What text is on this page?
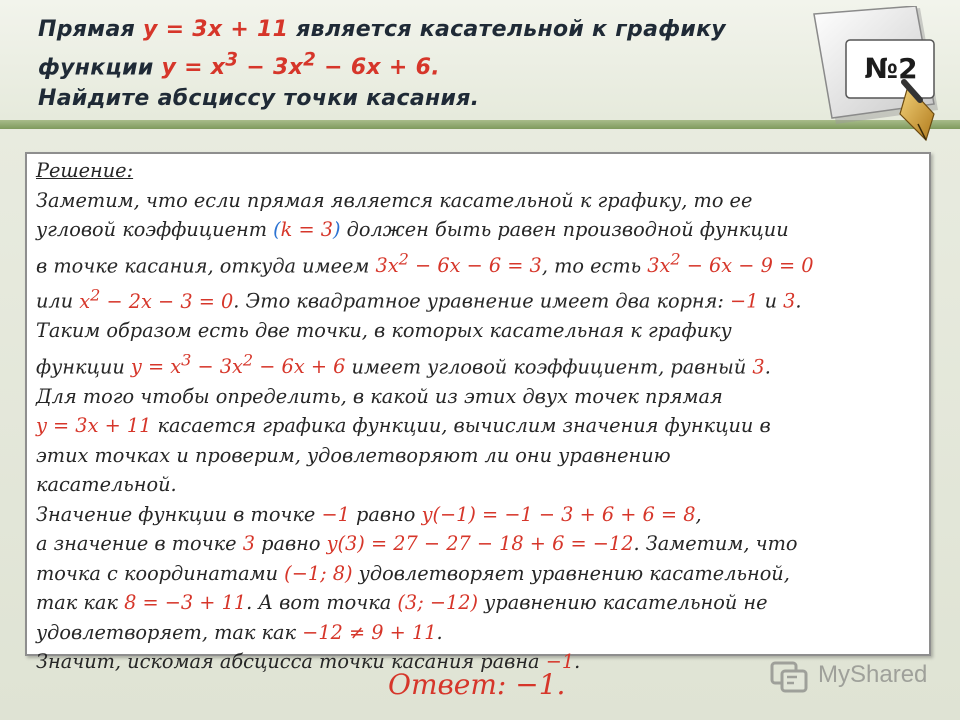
Прямая y = 3x + 11 является касательной к графику
функции $y = x^3 - 3x^2 - 6x + 6$.
Найдите абсциссу точки касания.
№2
Решение:
Заметим, что если прямая является касательной к графику, то ее
угловой коэффициент (k = 3) должен быть равен производной функции
в точке касания, откуда имеем $3x^2 - 6x - 6 = 3$, то есть $3x^2 - 6x - 9 = 0$
или $x^2 - 2x - 3 = 0$. Это квадратное уравнение имеет два корня: −1 и 3.
Таким образом есть две точки, в которых касательная к графику
функции $y = x^3 - 3x^2 - 6x + 6$ имеет угловой коэффициент, равный 3.
Для того чтобы определить, в какой из этих двух точек прямая
y = 3x + 11 касается графика функции, вычислим значения функции в
этих точках и проверим, удовлетворяют ли они уравнению
касательной.
Значение функции в точке −1 равно y(−1) = −1 − 3 + 6 + 6 = 8,
а значение в точке 3 равно y(3) = 27 − 27 − 18 + 6 = −12. Заметим, что
точка с координатами (−1; 8) удовлетворяет уравнению касательной,
так как 8 = −3 + 11. А вот точка (3; −12) уравнению касательной не
удовлетворяет, так как −12 ≠ 9 + 11.
Значит, искомая абсцисса точки касания равна −1.
Ответ: −1.	MyShared
